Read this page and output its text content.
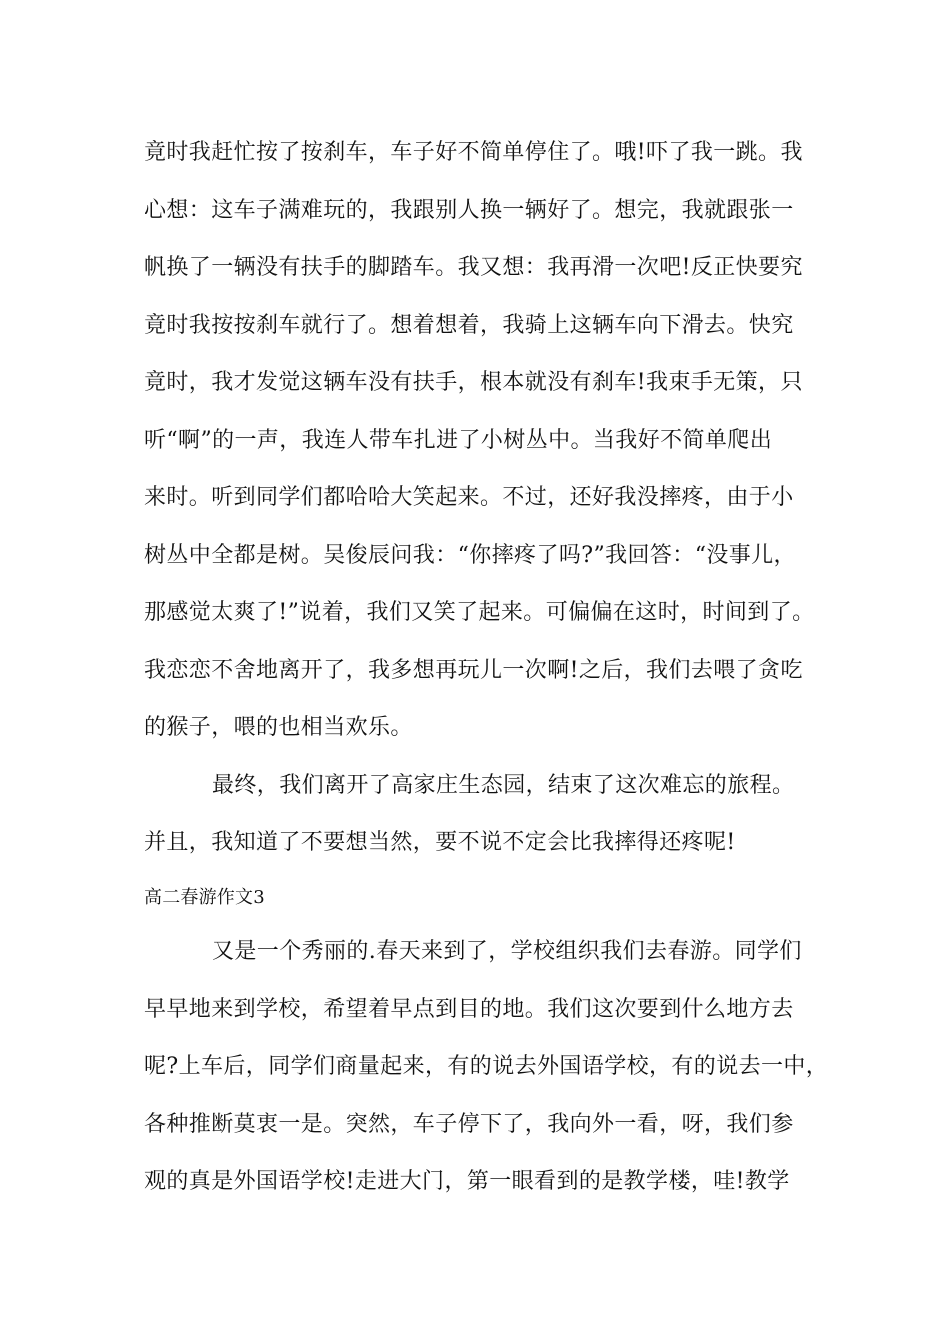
竟时我赶忙按了按刹车，车子好不简单停住了。哦!吓了我一跳。我
心想：这车子满难玩的，我跟别人换一辆好了。想完，我就跟张一
帆换了一辆没有扶手的脚踏车。我又想：我再滑一次吧!反正快要究
竟时我按按刹车就行了。想着想着，我骑上这辆车向下滑去。快究
竟时，我才发觉这辆车没有扶手，根本就没有刹车!我束手无策，只
听“啊”的一声，我连人带车扎进了小树丛中。当我好不简单爬出
来时。听到同学们都哈哈大笑起来。不过，还好我没摔疼，由于小
树丛中全都是树。吴俊辰问我：“你摔疼了吗?”我回答：“没事儿，
那感觉太爽了!”说着，我们又笑了起来。可偏偏在这时，时间到了。
我恋恋不舍地离开了，我多想再玩儿一次啊!之后，我们去喂了贪吃
的猴子，喂的也相当欢乐。
最终，我们离开了高家庄生态园，结束了这次难忘的旅程。
并且，我知道了不要想当然，要不说不定会比我摔得还疼呢!
高二春游作文3
又是一个秀丽的.春天来到了，学校组织我们去春游。同学们
早早地来到学校，希望着早点到目的地。我们这次要到什么地方去
呢?上车后，同学们商量起来，有的说去外国语学校，有的说去一中，
各种推断莫衷一是。突然，车子停下了，我向外一看，呀，我们参
观的真是外国语学校!走进大门，第一眼看到的是教学楼，哇!教学
